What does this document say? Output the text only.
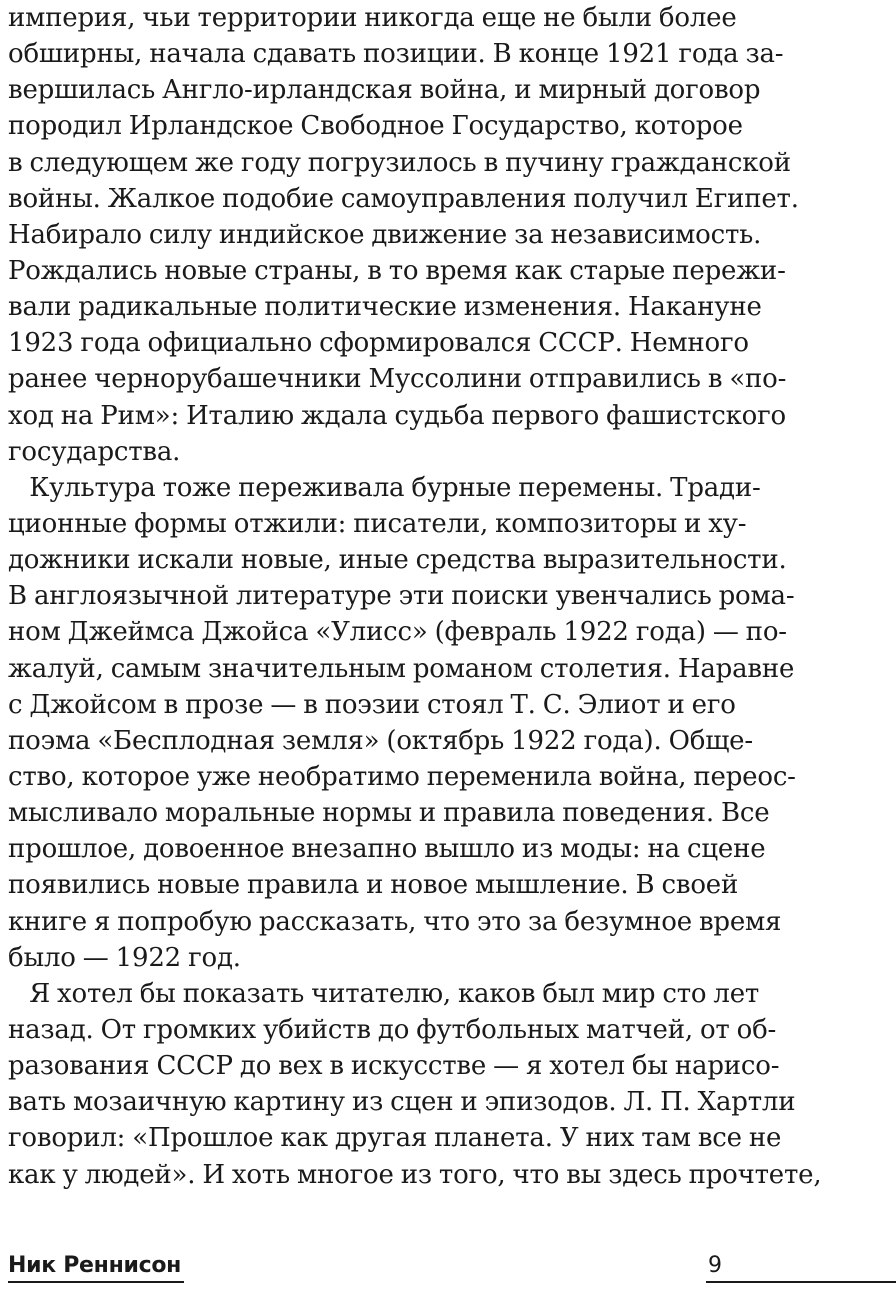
империя, чьи территории никогда еще не были более
обширны, начала сдавать позиции. В конце 1921 года за-
вершилась Англо-ирландская война, и мирный договор
породил Ирландское Свободное Государство, которое
в следующем же году погрузилось в пучину гражданской
войны. Жалкое подобие самоуправления получил Египет.
Набирало силу индийское движение за независимость.
Рождались новые страны, в то время как старые пережи-
вали радикальные политические изменения. Накануне
1923 года официально сформировался СССР. Немного
ранее чернорубашечники Муссолини отправились в «по-
ход на Рим»: Италию ждала судьба первого фашистского
государства.
Культура тоже переживала бурные перемены. Тради-
ционные формы отжили: писатели, композиторы и ху-
дожники искали новые, иные средства выразительности.
В англоязычной литературе эти поиски увенчались рома-
ном Джеймса Джойса «Улисс» (февраль 1922 года) — по-
жалуй, самым значительным романом столетия. Наравне
с Джойсом в прозе — в поэзии стоял Т. С. Элиот и его
поэма «Бесплодная земля» (октябрь 1922 года). Обще-
ство, которое уже необратимо переменила война, переос-
мысливало моральные нормы и правила поведения. Все
прошлое, довоенное внезапно вышло из моды: на сцене
появились новые правила и новое мышление. В своей
книге я попробую рассказать, что это за безумное время
было — 1922 год.
Я хотел бы показать читателю, каков был мир сто лет
назад. От громких убийств до футбольных матчей, от об-
разования СССР до вех в искусстве — я хотел бы нарисо-
вать мозаичную картину из сцен и эпизодов. Л. П. Хартли
говорил: «Прошлое как другая планета. У них там все не
как у людей». И хоть многое из того, что вы здесь прочтете,
Ник Реннисон	9
